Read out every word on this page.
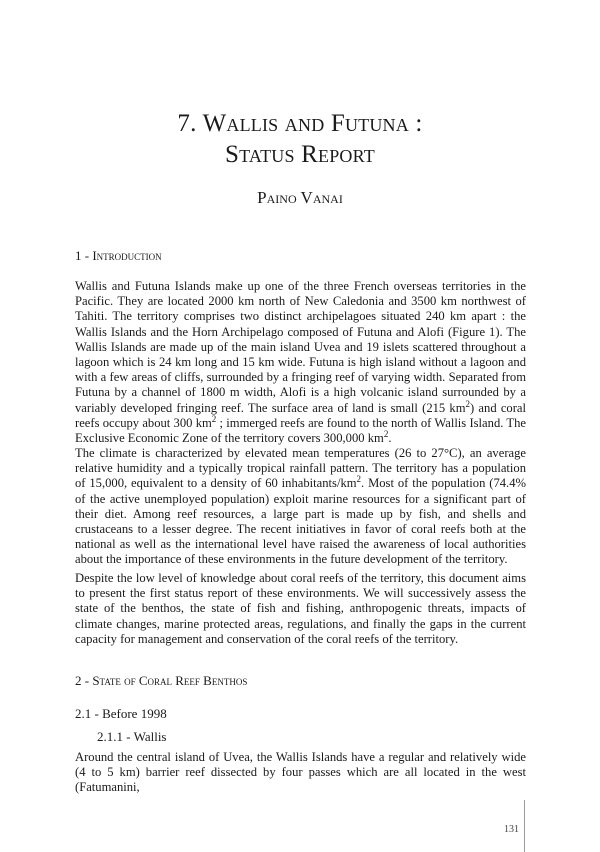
7. Wallis and Futuna :
Status Report
Paino Vanai
1 - Introduction

Wallis and Futuna Islands make up one of the three French overseas territories in the Pacific. They are located 2000 km north of New Caledonia and 3500 km northwest of Tahiti. The territory comprises two distinct archipelagoes situated 240 km apart : the Wallis Islands and the Horn Archipelago composed of Futuna and Alofi (Figure 1). The Wallis Islands are made up of the main island Uvea and 19 islets scattered throughout a lagoon which is 24 km long and 15 km wide. Futuna is high island without a lagoon and with a few areas of cliffs, surrounded by a fringing reef of varying width. Separated from Futuna by a channel of 1800 m width, Alofi is a high volcanic island surrounded by a variably developed fringing reef. The surface area of land is small (215 $km^2$) and coral reefs occupy about 300 $km^2$ ; immerged reefs are found to the north of Wallis Island. The Exclusive Economic Zone of the territory covers 300,000 $km^2$.

The climate is characterized by elevated mean temperatures (26 to 27°C), an average relative humidity and a typically tropical rainfall pattern. The territory has a population of 15,000, equivalent to a density of 60 inhabitants/$km^2$. Most of the population (74.4% of the active unemployed population) exploit marine resources for a significant part of their diet. Among reef resources, a large part is made up by fish, and shells and crustaceans to a lesser degree. The recent initiatives in favor of coral reefs both at the national as well as the international level have raised the awareness of local authorities about the importance of these environments in the future development of the territory.

Despite the low level of knowledge about coral reefs of the territory, this document aims to present the first status report of these environments. We will successively assess the state of the benthos, the state of fish and fishing, anthropogenic threats, impacts of climate changes, marine protected areas, regulations, and finally the gaps in the current capacity for management and conservation of the coral reefs of the territory.

2 - State of Coral Reef Benthos
2.1 - Before 1998
2.1.1 - Wallis

Around the central island of Uvea, the Wallis Islands have a regular and relatively wide (4 to 5 km) barrier reef dissected by four passes which are all located in the west (Fatumanini,

131
